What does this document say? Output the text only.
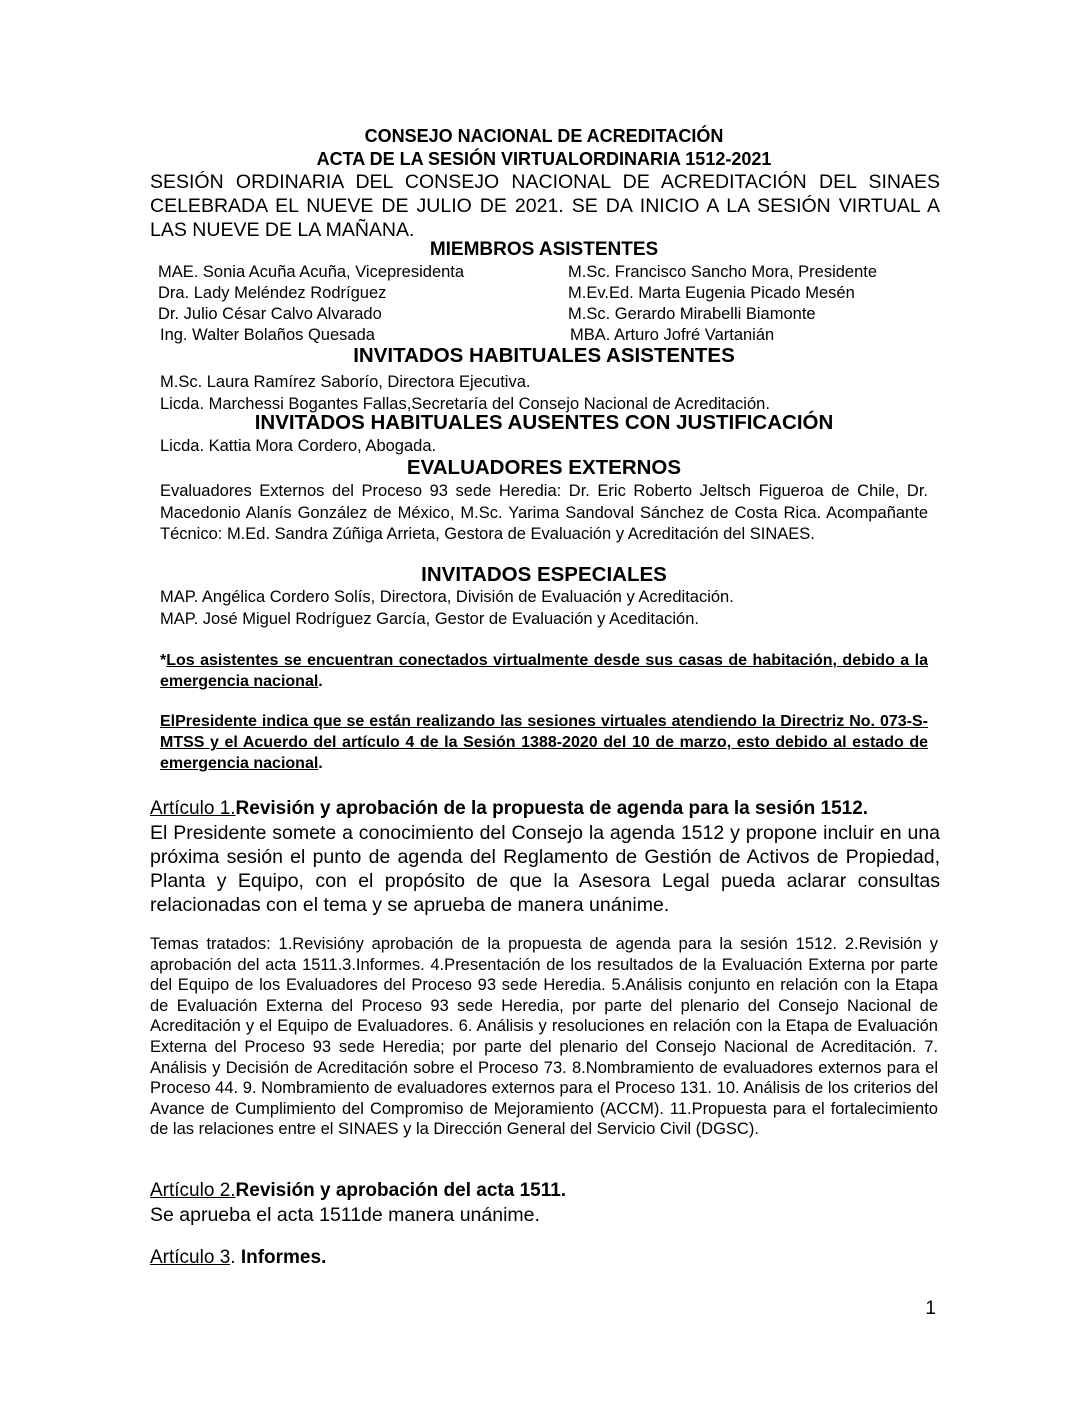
CONSEJO NACIONAL DE ACREDITACIÓN
ACTA DE LA SESIÓN VIRTUALORDINARIA 1512-2021
SESIÓN ORDINARIA DEL CONSEJO NACIONAL DE ACREDITACIÓN DEL SINAES CELEBRADA EL NUEVE DE JULIO DE 2021. SE DA INICIO A LA SESIÓN VIRTUAL A LAS NUEVE DE LA MAÑANA.
MIEMBROS ASISTENTES
MAE. Sonia Acuña Acuña, Vicepresidenta	M.Sc. Francisco Sancho Mora, Presidente
Dra. Lady Meléndez Rodríguez	M.Ev.Ed. Marta Eugenia Picado Mesén
Dr. Julio César Calvo Alvarado	M.Sc. Gerardo Mirabelli Biamonte
Ing. Walter Bolaños Quesada	MBA. Arturo Jofré Vartanián
INVITADOS HABITUALES ASISTENTES
M.Sc. Laura Ramírez Saborío, Directora Ejecutiva.
Licda. Marchessi Bogantes Fallas,Secretaría del Consejo Nacional de Acreditación.
INVITADOS HABITUALES AUSENTES CON JUSTIFICACIÓN
Licda. Kattia Mora Cordero, Abogada.
EVALUADORES EXTERNOS
Evaluadores Externos del Proceso 93 sede Heredia: Dr. Eric Roberto Jeltsch Figueroa de Chile, Dr. Macedonio Alanís González de México, M.Sc. Yarima Sandoval Sánchez de Costa Rica. Acompañante Técnico: M.Ed. Sandra Zúñiga Arrieta, Gestora de Evaluación y Acreditación del SINAES.
INVITADOS ESPECIALES
MAP. Angélica Cordero Solís, Directora, División de Evaluación y Acreditación.
MAP. José Miguel Rodríguez García, Gestor de Evaluación y Aceditación.
*Los asistentes se encuentran conectados virtualmente desde sus casas de habitación, debido a la emergencia nacional.
ElPresidente indica que se están realizando las sesiones virtuales atendiendo la Directriz No. 073-S-MTSS y el Acuerdo del artículo 4 de la Sesión 1388-2020 del 10 de marzo, esto debido al estado de emergencia nacional.
Artículo 1.Revisión y aprobación de la propuesta de agenda para la sesión 1512.
El Presidente somete a conocimiento del Consejo la agenda 1512 y propone incluir en una próxima sesión el punto de agenda del Reglamento de Gestión de Activos de Propiedad, Planta y Equipo, con el propósito de que la Asesora Legal pueda aclarar consultas relacionadas con el tema y se aprueba de manera unánime.
Temas tratados: 1.Revisióny aprobación de la propuesta de agenda para la sesión 1512. 2.Revisión y aprobación del acta 1511.3.Informes. 4.Presentación de los resultados de la Evaluación Externa por parte del Equipo de los Evaluadores del Proceso 93 sede Heredia. 5.Análisis conjunto en relación con la Etapa de Evaluación Externa del Proceso 93 sede Heredia, por parte del plenario del Consejo Nacional de Acreditación y el Equipo de Evaluadores. 6. Análisis y resoluciones en relación con la Etapa de Evaluación Externa del Proceso 93 sede Heredia; por parte del plenario del Consejo Nacional de Acreditación. 7. Análisis y Decisión de Acreditación sobre el Proceso 73. 8.Nombramiento de evaluadores externos para el Proceso 44. 9. Nombramiento de evaluadores externos para el Proceso 131. 10. Análisis de los criterios del Avance de Cumplimiento del Compromiso de Mejoramiento (ACCM). 11.Propuesta para el fortalecimiento de las relaciones entre el SINAES y la Dirección General del Servicio Civil (DGSC).
Artículo 2.Revisión y aprobación del acta 1511.
Se aprueba el acta 1511de manera unánime.
Artículo 3. Informes.
1
